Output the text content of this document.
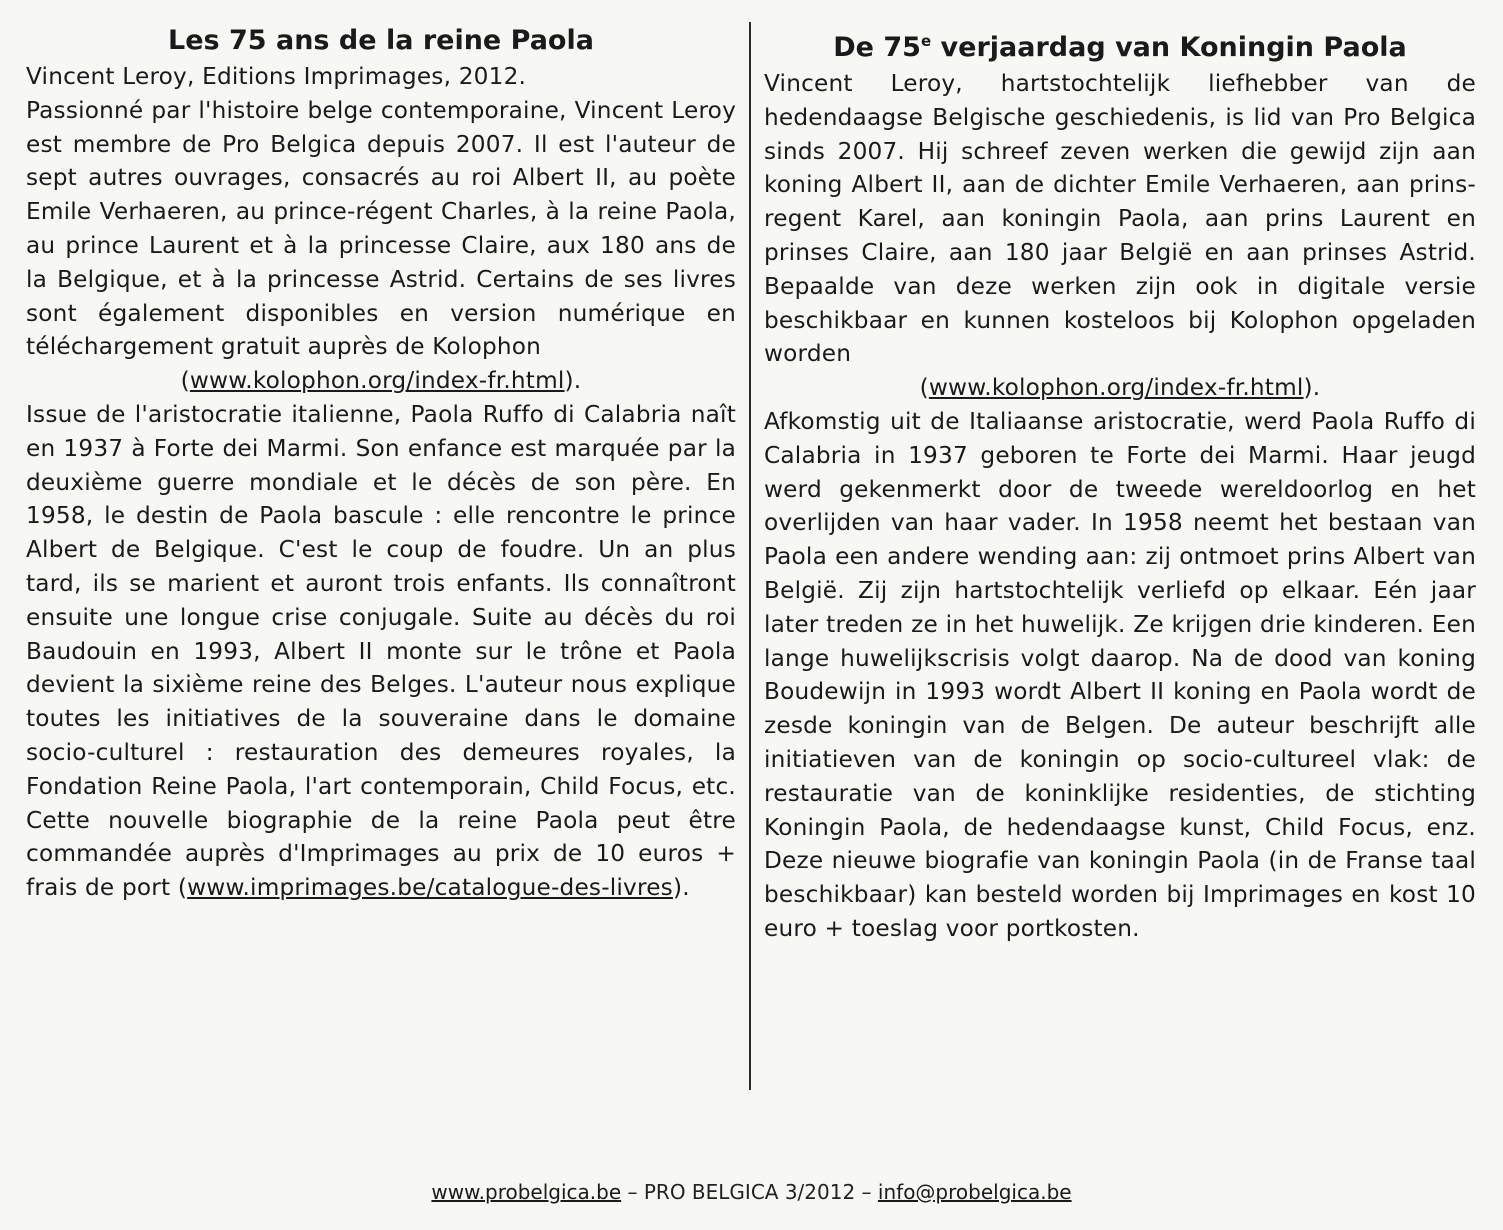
Les 75 ans de la reine Paola

Vincent Leroy, Editions Imprimages, 2012.

Passionné par l'histoire belge contemporaine, Vincent Leroy est membre de Pro Belgica depuis 2007. Il est l'auteur de sept autres ouvrages, consacrés au roi Albert II, au poète Emile Verhaeren, au prince-régent Charles, à la reine Paola, au prince Laurent et à la princesse Claire, aux 180 ans de la Belgique, et à la princesse Astrid. Certains de ses livres sont également disponibles en version numérique en téléchargement gratuit auprès de Kolophon
(www.kolophon.org/index-fr.html).

Issue de l'aristocratie italienne, Paola Ruffo di Calabria naît en 1937 à Forte dei Marmi. Son enfance est marquée par la deuxième guerre mondiale et le décès de son père. En 1958, le destin de Paola bascule : elle rencontre le prince Albert de Belgique. C'est le coup de foudre. Un an plus tard, ils se marient et auront trois enfants. Ils connaîtront ensuite une longue crise conjugale. Suite au décès du roi Baudouin en 1993, Albert II monte sur le trône et Paola devient la sixième reine des Belges. L'auteur nous explique toutes les initiatives de la souveraine dans le domaine socio-culturel : restauration des demeures royales, la Fondation Reine Paola, l'art contemporain, Child Focus, etc. Cette nouvelle biographie de la reine Paola peut être commandée auprès d'Imprimages au prix de 10 euros + frais de port (www.imprimages.be/catalogue-des-livres).

De 75e verjaardag van Koningin Paola

Vincent Leroy, hartstochtelijk liefhebber van de hedendaagse Belgische geschiedenis, is lid van Pro Belgica sinds 2007. Hij schreef zeven werken die gewijd zijn aan koning Albert II, aan de dichter Emile Verhaeren, aan prins-regent Karel, aan koningin Paola, aan prins Laurent en prinses Claire, aan 180 jaar België en aan prinses Astrid. Bepaalde van deze werken zijn ook in digitale versie beschikbaar en kunnen kosteloos bij Kolophon opgeladen worden
(www.kolophon.org/index-fr.html).

Afkomstig uit de Italiaanse aristocratie, werd Paola Ruffo di Calabria in 1937 geboren te Forte dei Marmi. Haar jeugd werd gekenmerkt door de tweede wereldoorlog en het overlijden van haar vader. In 1958 neemt het bestaan van Paola een andere wending aan: zij ontmoet prins Albert van België. Zij zijn hartstochtelijk verliefd op elkaar. Eén jaar later treden ze in het huwelijk. Ze krijgen drie kinderen. Een lange huwelijkscrisis volgt daarop. Na de dood van koning Boudewijn in 1993 wordt Albert II koning en Paola wordt de zesde koningin van de Belgen. De auteur beschrijft alle initiatieven van de koningin op socio-cultureel vlak: de restauratie van de koninklijke residenties, de stichting Koningin Paola, de hedendaagse kunst, Child Focus, enz. Deze nieuwe biografie van koningin Paola (in de Franse taal beschikbaar) kan besteld worden bij Imprimages en kost 10 euro + toeslag voor portkosten.

www.probelgica.be – PRO BELGICA 3/2012 – info@probelgica.be
